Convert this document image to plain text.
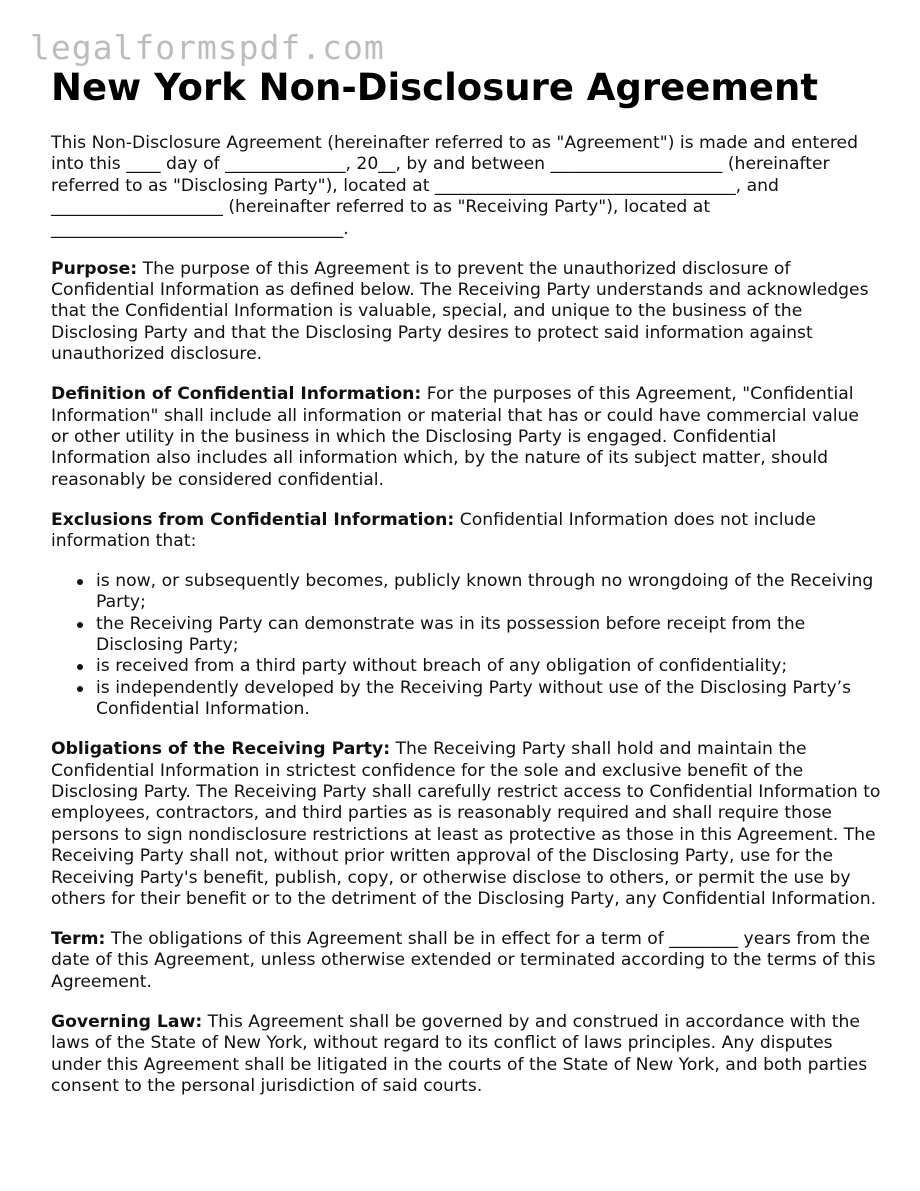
legalformspdf.com
New York Non-Disclosure Agreement

This Non-Disclosure Agreement (hereinafter referred to as "Agreement") is made and entered into this ____ day of ______________, 20__, by and between ____________________ (hereinafter referred to as "Disclosing Party"), located at ___________________________________, and ____________________ (hereinafter referred to as "Receiving Party"), located at __________________________________.

Purpose: The purpose of this Agreement is to prevent the unauthorized disclosure of Confidential Information as defined below. The Receiving Party understands and acknowledges that the Confidential Information is valuable, special, and unique to the business of the Disclosing Party and that the Disclosing Party desires to protect said information against unauthorized disclosure.

Definition of Confidential Information: For the purposes of this Agreement, "Confidential Information" shall include all information or material that has or could have commercial value or other utility in the business in which the Disclosing Party is engaged. Confidential Information also includes all information which, by the nature of its subject matter, should reasonably be considered confidential.

Exclusions from Confidential Information: Confidential Information does not include information that:

is now, or subsequently becomes, publicly known through no wrongdoing of the Receiving Party;
the Receiving Party can demonstrate was in its possession before receipt from the Disclosing Party;
is received from a third party without breach of any obligation of confidentiality;
is independently developed by the Receiving Party without use of the Disclosing Party’s Confidential Information.

Obligations of the Receiving Party: The Receiving Party shall hold and maintain the Confidential Information in strictest confidence for the sole and exclusive benefit of the Disclosing Party. The Receiving Party shall carefully restrict access to Confidential Information to employees, contractors, and third parties as is reasonably required and shall require those persons to sign nondisclosure restrictions at least as protective as those in this Agreement. The Receiving Party shall not, without prior written approval of the Disclosing Party, use for the Receiving Party's benefit, publish, copy, or otherwise disclose to others, or permit the use by others for their benefit or to the detriment of the Disclosing Party, any Confidential Information.

Term: The obligations of this Agreement shall be in effect for a term of ________ years from the date of this Agreement, unless otherwise extended or terminated according to the terms of this Agreement.

Governing Law: This Agreement shall be governed by and construed in accordance with the laws of the State of New York, without regard to its conflict of laws principles. Any disputes under this Agreement shall be litigated in the courts of the State of New York, and both parties consent to the personal jurisdiction of said courts.
